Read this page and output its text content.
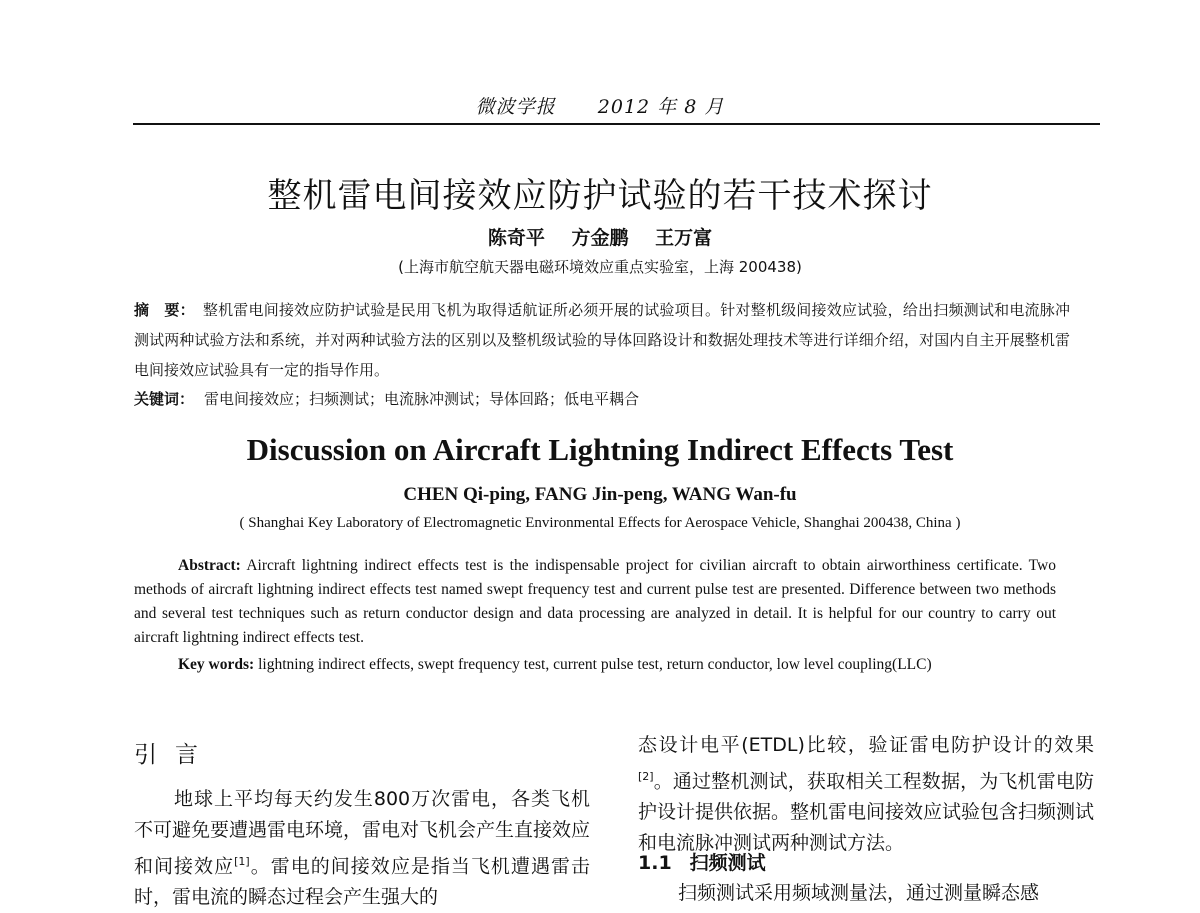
微波学报 2012 年 8 月
整机雷电间接效应防护试验的若干技术探讨
陈奇平 方金鹏 王万富
(上海市航空航天器电磁环境效应重点实验室，上海 200438)
摘　要： 整机雷电间接效应防护试验是民用飞机为取得适航证所必须开展的试验项目。针对整机级间接效应试验，给出扫频测试和电流脉冲测试两种试验方法和系统，并对两种试验方法的区别以及整机级试验的导体回路设计和数据处理技术等进行详细介绍，对国内自主开展整机雷电间接效应试验具有一定的指导作用。
关键词： 雷电间接效应；扫频测试；电流脉冲测试；导体回路；低电平耦合
Discussion on Aircraft Lightning Indirect Effects Test
CHEN Qi-ping, FANG Jin-peng, WANG Wan-fu
( Shanghai Key Laboratory of Electromagnetic Environmental Effects for Aerospace Vehicle, Shanghai 200438, China )
Abstract: Aircraft lightning indirect effects test is the indispensable project for civilian aircraft to obtain airworthiness certificate. Two methods of aircraft lightning indirect effects test named swept frequency test and current pulse test are presented. Difference between two methods and several test techniques such as return conductor design and data processing are analyzed in detail. It is helpful for our country to carry out aircraft lightning indirect effects test.
Key words: lightning indirect effects, swept frequency test, current pulse test, return conductor, low level coupling(LLC)
引言
地球上平均每天约发生800万次雷电，各类飞机不可避免要遭遇雷电环境，雷电对飞机会产生直接效应和间接效应[1]。雷电的间接效应是指当飞机遭遇雷击时，雷电流的瞬态过程会产生强大的
态设计电平(ETDL)比较，验证雷电防护设计的效果[2]。通过整机测试，获取相关工程数据，为飞机雷电防护设计提供依据。整机雷电间接效应试验包含扫频测试和电流脉冲测试两种测试方法。
1.1 扫频测试
扫频测试采用频域测量法，通过测量瞬态感
